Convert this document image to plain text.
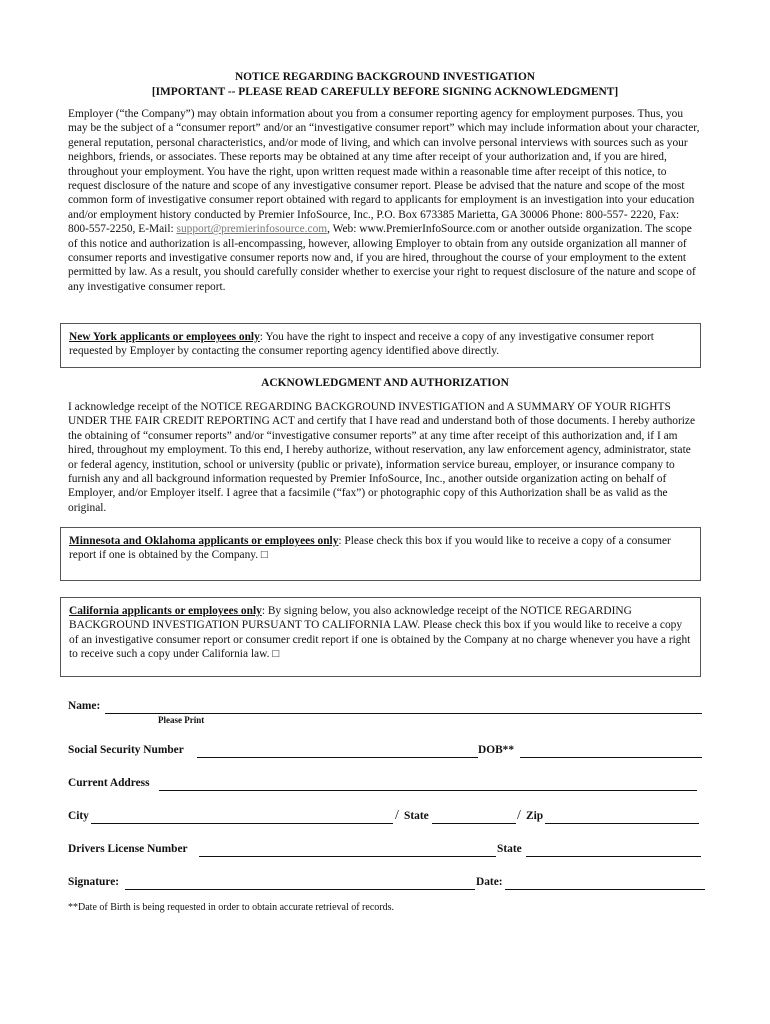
NOTICE REGARDING BACKGROUND INVESTIGATION
[IMPORTANT -- PLEASE READ CAREFULLY BEFORE SIGNING ACKNOWLEDGMENT]
Employer (“the Company”) may obtain information about you from a consumer reporting agency for employment purposes. Thus, you may be the subject of a “consumer report” and/or an “investigative consumer report” which may include information about your character, general reputation, personal characteristics, and/or mode of living, and which can involve personal interviews with sources such as your neighbors, friends, or associates. These reports may be obtained at any time after receipt of your authorization and, if you are hired, throughout your employment. You have the right, upon written request made within a reasonable time after receipt of this notice, to request disclosure of the nature and scope of any investigative consumer report. Please be advised that the nature and scope of the most common form of investigative consumer report obtained with regard to applicants for employment is an investigation into your education and/or employment history conducted by Premier InfoSource, Inc., P.O. Box 673385 Marietta, GA 30006 Phone: 800-557- 2220, Fax: 800-557-2250, E-Mail: support@premierinfosource.com, Web: www.PremierInfoSource.com or another outside organization. The scope of this notice and authorization is all-encompassing, however, allowing Employer to obtain from any outside organization all manner of consumer reports and investigative consumer reports now and, if you are hired, throughout the course of your employment to the extent permitted by law. As a result, you should carefully consider whether to exercise your right to request disclosure of the nature and scope of any investigative consumer report.
New York applicants or employees only: You have the right to inspect and receive a copy of any investigative consumer report requested by Employer by contacting the consumer reporting agency identified above directly.
ACKNOWLEDGMENT AND AUTHORIZATION
I acknowledge receipt of the NOTICE REGARDING BACKGROUND INVESTIGATION and A SUMMARY OF YOUR RIGHTS UNDER THE FAIR CREDIT REPORTING ACT and certify that I have read and understand both of those documents. I hereby authorize the obtaining of “consumer reports” and/or “investigative consumer reports” at any time after receipt of this authorization and, if I am hired, throughout my employment. To this end, I hereby authorize, without reservation, any law enforcement agency, administrator, state or federal agency, institution, school or university (public or private), information service bureau, employer, or insurance company to furnish any and all background information requested by Premier InfoSource, Inc., another outside organization acting on behalf of Employer, and/or Employer itself. I agree that a facsimile (“fax”) or photographic copy of this Authorization shall be as valid as the original.
Minnesota and Oklahoma applicants or employees only: Please check this box if you would like to receive a copy of a consumer report if one is obtained by the Company. □
California applicants or employees only: By signing below, you also acknowledge receipt of the NOTICE REGARDING BACKGROUND INVESTIGATION PURSUANT TO CALIFORNIA LAW. Please check this box if you would like to receive a copy of an investigative consumer report or consumer credit report if one is obtained by the Company at no charge whenever you have a right to receive such a copy under California law. □
Name:
Please Print
Social Security Number	DOB**
Current Address
City	/ State	/ Zip
Drivers License Number	State
Signature:	Date:
**Date of Birth is being requested in order to obtain accurate retrieval of records.
